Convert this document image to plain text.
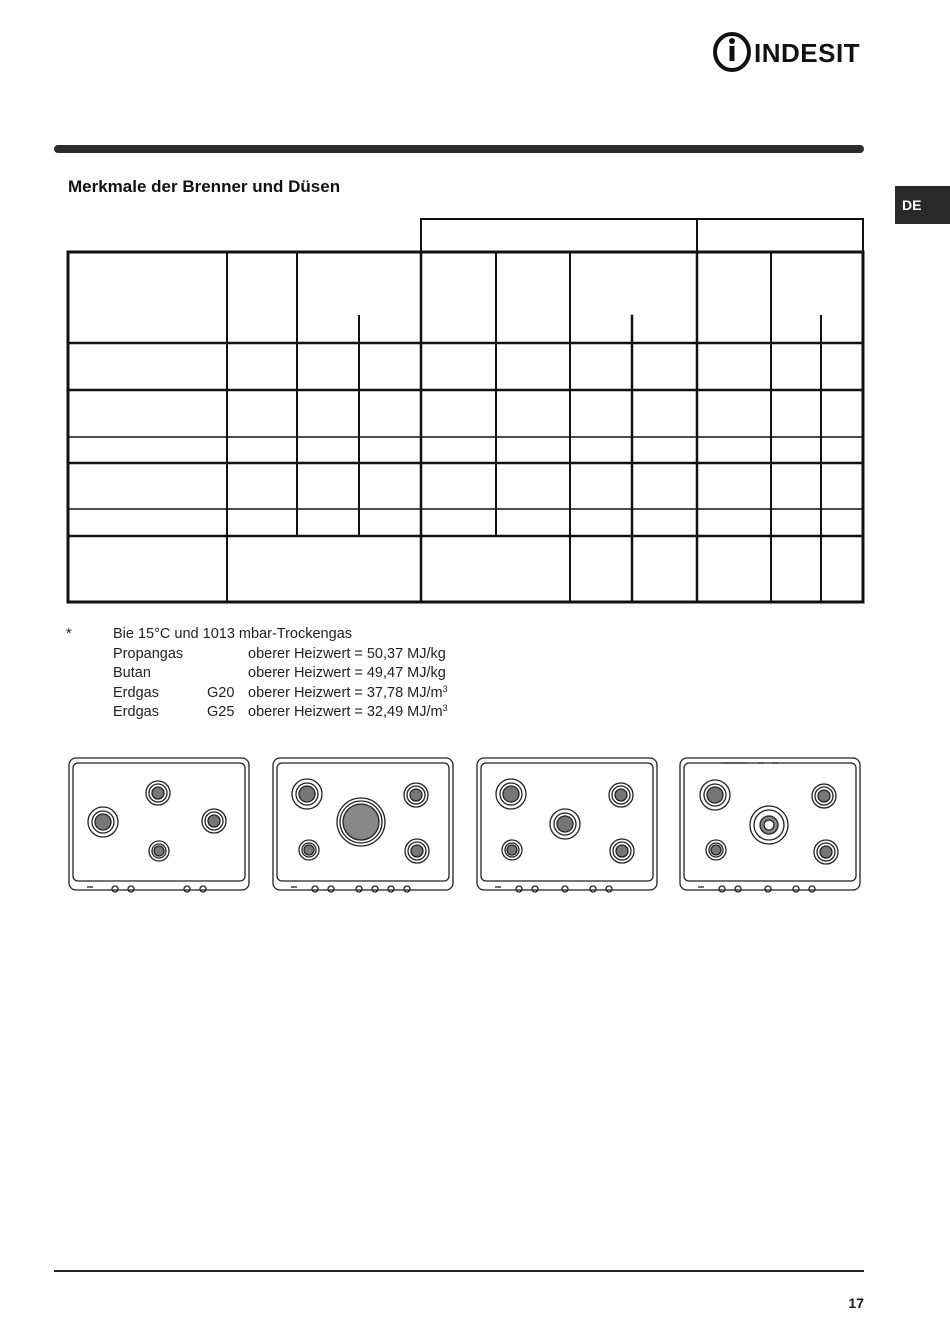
INDESIT
DE
Merkmale der Brenner und Düsen
*	Bie 15°C und 1013 mbar-Trockengas
Propangas	oberer Heizwert = 50,37 MJ/kg
Butan	oberer Heizwert = 49,47 MJ/kg
Erdgas	G20 oberer Heizwert = 37,78 $MJ/m^3$
Erdgas	G25 oberer Heizwert = 32,49 $MJ/m^3$
17
